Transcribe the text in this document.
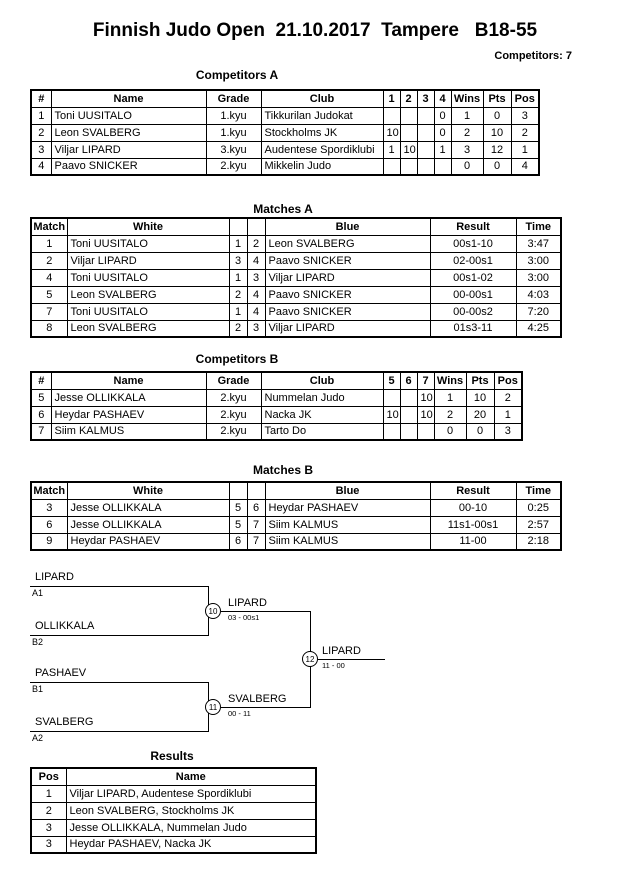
Finnish Judo Open  21.10.2017  Tampere   B18-55
Competitors: 7
Competitors A
#	Name	Grade	Club	1	2	3	4	Wins	Pts	Pos
1	Toni UUSITALO	1.kyu	Tikkurilan Judokat				0	1	0	3
2	Leon SVALBERG	1.kyu	Stockholms JK	10			0	2	10	2
3	Viljar LIPARD	3.kyu	Audentese Spordiklubi	1	10		1	3	12	1
4	Paavo SNICKER	2.kyu	Mikkelin Judo					0	0	4
Matches A
Match	White			Blue	Result	Time
1	Toni UUSITALO	1	2	Leon SVALBERG	00s1-10	3:47
2	Viljar LIPARD	3	4	Paavo SNICKER	02-00s1	3:00
4	Toni UUSITALO	1	3	Viljar LIPARD	00s1-02	3:00
5	Leon SVALBERG	2	4	Paavo SNICKER	00-00s1	4:03
7	Toni UUSITALO	1	4	Paavo SNICKER	00-00s2	7:20
8	Leon SVALBERG	2	3	Viljar LIPARD	01s3-11	4:25
Competitors B
#	Name	Grade	Club	5	6	7	Wins	Pts	Pos
5	Jesse OLLIKKALA	2.kyu	Nummelan Judo			10	1	10	2
6	Heydar PASHAEV	2.kyu	Nacka JK	10		10	2	20	1
7	Siim KALMUS	2.kyu	Tarto Do				0	0	3
Matches B
Match	White			Blue	Result	Time
3	Jesse OLLIKKALA	5	6	Heydar PASHAEV	00-10	0:25
6	Jesse OLLIKKALA	5	7	Siim KALMUS	11s1-00s1	2:57
9	Heydar PASHAEV	6	7	Siim KALMUS	11-00	2:18
LIPARD
A1
OLLIKKALA
B2
10
LIPARD
03 - 00s1
PASHAEV
B1
SVALBERG
A2
11
SVALBERG
00 - 11
12
LIPARD
11 - 00
Results
Pos	Name
1	Viljar LIPARD, Audentese Spordiklubi
2	Leon SVALBERG, Stockholms JK
3	Jesse OLLIKKALA, Nummelan Judo
3	Heydar PASHAEV, Nacka JK
